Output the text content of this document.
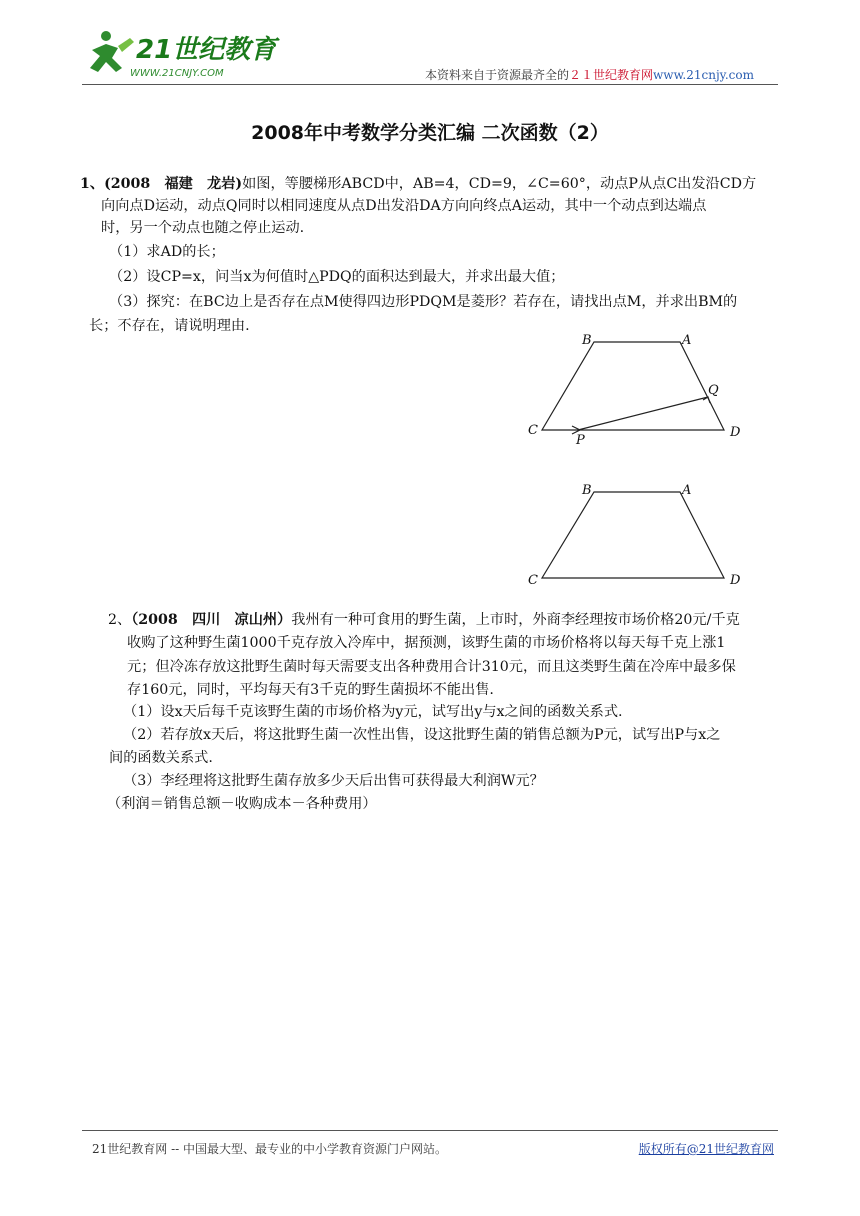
21世纪教育
WWW.21CNJY.COM	本资料来自于资源最齐全的２１世纪教育网www.21cnjy.com
2008年中考数学分类汇编 二次函数（2）
1、(2008　福建　龙岩)如图，等腰梯形ABCD中，AB=4，CD=9，∠C=60°，动点P从点C出发沿CD方
向向点D运动，动点Q同时以相同速度从点D出发沿DA方向向终点A运动，其中一个动点到达端点
时，另一个动点也随之停止运动.
（1）求AD的长；
（2）设CP=x，问当x为何值时△PDQ的面积达到最大，并求出最大值；
（3）探究：在BC边上是否存在点M使得四边形PDQM是菱形？若存在，请找出点M，并求出BM的
长；不存在，请说明理由.
B	A
Q
C
P
D
B	A
C	D
2、（2008　四川　凉山州）我州有一种可食用的野生菌，上市时，外商李经理按市场价格20元/千克
收购了这种野生菌1000千克存放入冷库中，据预测，该野生菌的市场价格将以每天每千克上涨1
元；但冷冻存放这批野生菌时每天需要支出各种费用合计310元，而且这类野生菌在冷库中最多保
存160元，同时，平均每天有3千克的野生菌损坏不能出售.
（1）设x天后每千克该野生菌的市场价格为y元，试写出y与x之间的函数关系式.
（2）若存放x天后，将这批野生菌一次性出售，设这批野生菌的销售总额为P元，试写出P与x之
间的函数关系式.
（3）李经理将这批野生菌存放多少天后出售可获得最大利润W元？
（利润＝销售总额－收购成本－各种费用）
21世纪教育网 -- 中国最大型、最专业的中小学教育资源门户网站。	版权所有@21世纪教育网
